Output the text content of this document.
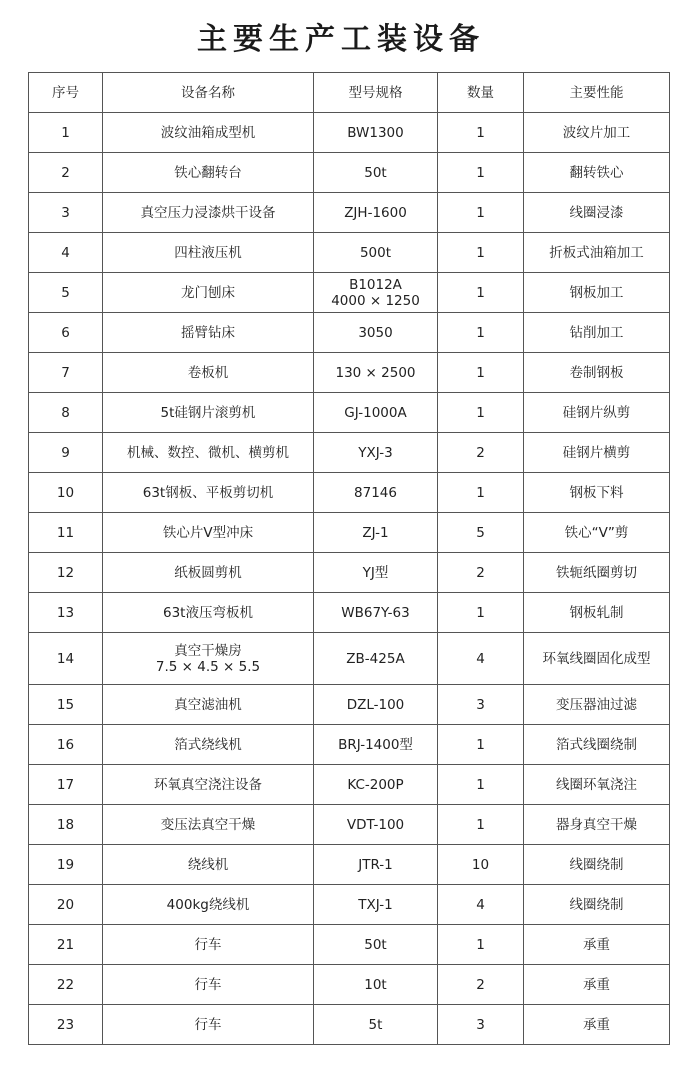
主要生产工装设备
序号	设备名称	型号规格	数量	主要性能
1	波纹油箱成型机	BW1300	1	波纹片加工
2	铁心翻转台	50t	1	翻转铁心
3	真空压力浸漆烘干设备	ZJH-1600	1	线圈浸漆
4	四柱液压机	500t	1	折板式油箱加工
5	龙门刨床	B1012A
4000 × 1250	1	钢板加工
6	摇臂钻床	3050	1	钻削加工
7	卷板机	130 × 2500	1	卷制钢板
8	5t硅钢片滚剪机	GJ-1000A	1	硅钢片纵剪
9	机械、数控、微机、横剪机	YXJ-3	2	硅钢片横剪
10	63t钢板、平板剪切机	87146	1	钢板下料
11	铁心片V型冲床	ZJ-1	5	铁心“V”剪
12	纸板圆剪机	YJ型	2	铁轭纸圈剪切
13	63t液压弯板机	WB67Y-63	1	钢板轧制
14	真空干燥房
7.5 × 4.5 × 5.5	ZB-425A	4	环氧线圈固化成型
15	真空滤油机	DZL-100	3	变压器油过滤
16	箔式绕线机	BRJ-1400型	1	箔式线圈绕制
17	环氧真空浇注设备	KC-200P	1	线圈环氧浇注
18	变压法真空干燥	VDT-100	1	器身真空干燥
19	绕线机	JTR-1	10	线圈绕制
20	400kg绕线机	TXJ-1	4	线圈绕制
21	行车	50t	1	承重
22	行车	10t	2	承重
23	行车	5t	3	承重
